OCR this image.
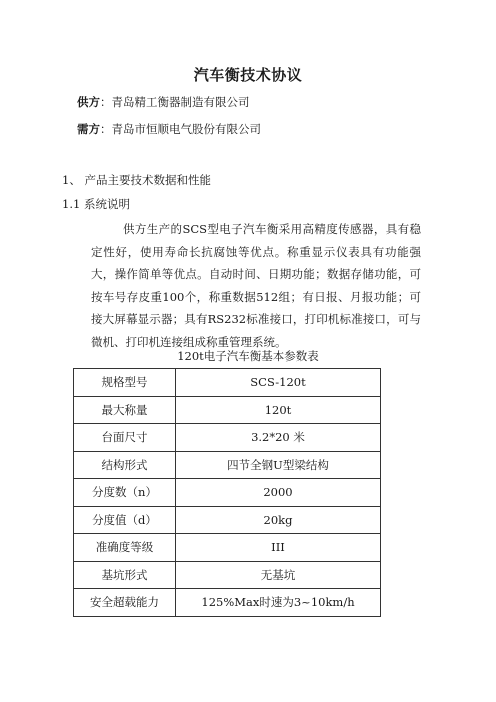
汽车衡技术协议
供方：青岛精工衡器制造有限公司
需方：青岛市恒顺电气股份有限公司
1、 产品主要技术数据和性能
1.1 系统说明
供方生产的SCS型电子汽车衡采用高精度传感器，具有稳定性好，使用寿命长抗腐蚀等优点。称重显示仪表具有功能强大，操作简单等优点。自动时间、日期功能；数据存储功能，可按车号存皮重100个，称重数据512组；有日报、月报功能；可接大屏幕显示器；具有RS232标准接口，打印机标准接口，可与微机、打印机连接组成称重管理系统。
120t电子汽车衡基本参数表
规格型号	SCS-120t
最大称量	120t
台面尺寸	3.2*20 米
结构形式	四节全钢U型梁结构
分度数（n）	2000
分度值（d）	20kg
准确度等级	III
基坑形式	无基坑
安全超载能力	125%Max时速为3~10km/h
